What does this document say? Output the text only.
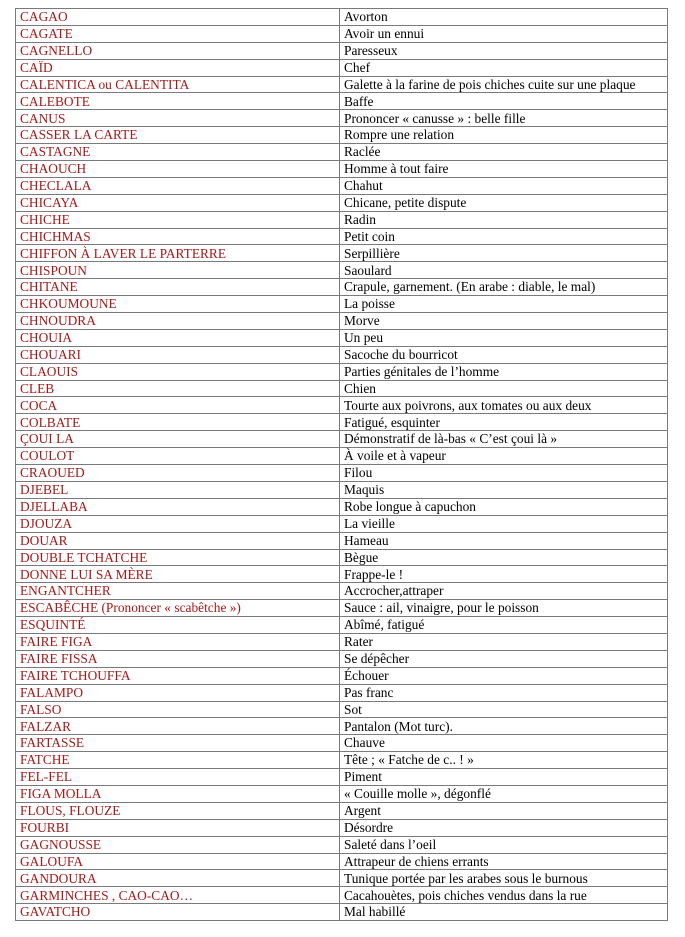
CAGAO	Avorton
CAGATE	Avoir un ennui
CAGNELLO	Paresseux
CAÏD	Chef
CALENTICA ou CALENTITA	Galette à la farine de pois chiches cuite sur une plaque
CALEBOTE	Baffe
CANUS	Prononcer « canusse » : belle fille
CASSER LA CARTE	Rompre une relation
CASTAGNE	Raclée
CHAOUCH	Homme à tout faire
CHECLALA	Chahut
CHICAYA	Chicane, petite dispute
CHICHE	Radin
CHICHMAS	Petit coin
CHIFFON À LAVER LE PARTERRE	Serpillière
CHISPOUN	Saoulard
CHITANE	Crapule, garnement. (En arabe : diable, le mal)
CHKOUMOUNE	La poisse
CHNOUDRA	Morve
CHOUIA	Un peu
CHOUARI	Sacoche du bourricot
CLAOUIS	Parties génitales de l’homme
CLEB	Chien
COCA	Tourte aux poivrons, aux tomates ou aux deux
COLBATE	Fatigué, esquinter
ÇOUI LA	Démonstratif de là-bas « C’est çoui là »
COULOT	À voile et à vapeur
CRAOUED	Filou
DJEBEL	Maquis
DJELLABA	Robe longue à capuchon
DJOUZA	La vieille
DOUAR	Hameau
DOUBLE TCHATCHE	Bègue
DONNE LUI SA MÈRE	Frappe-le !
ENGANTCHER	Accrocher,attraper
ESCABÊCHE (Prononcer « scabêtche »)	Sauce : ail, vinaigre, pour le poisson
ESQUINTÉ	Abîmé, fatigué
FAIRE FIGA	Rater
FAIRE FISSA	Se dépêcher
FAIRE TCHOUFFA	Échouer
FALAMPO	Pas franc
FALSO	Sot
FALZAR	Pantalon (Mot turc).
FARTASSE	Chauve
FATCHE	Tête ; « Fatche de c.. ! »
FEL-FEL	Piment
FIGA MOLLA	« Couille molle », dégonflé
FLOUS, FLOUZE	Argent
FOURBI	Désordre
GAGNOUSSE	Saleté dans l’oeil
GALOUFA	Attrapeur de chiens errants
GANDOURA	Tunique portée par les arabes sous le burnous
GARMINCHES , CAO-CAO…	Cacahouètes, pois chiches vendus dans la rue
GAVATCHO	Mal habillé
